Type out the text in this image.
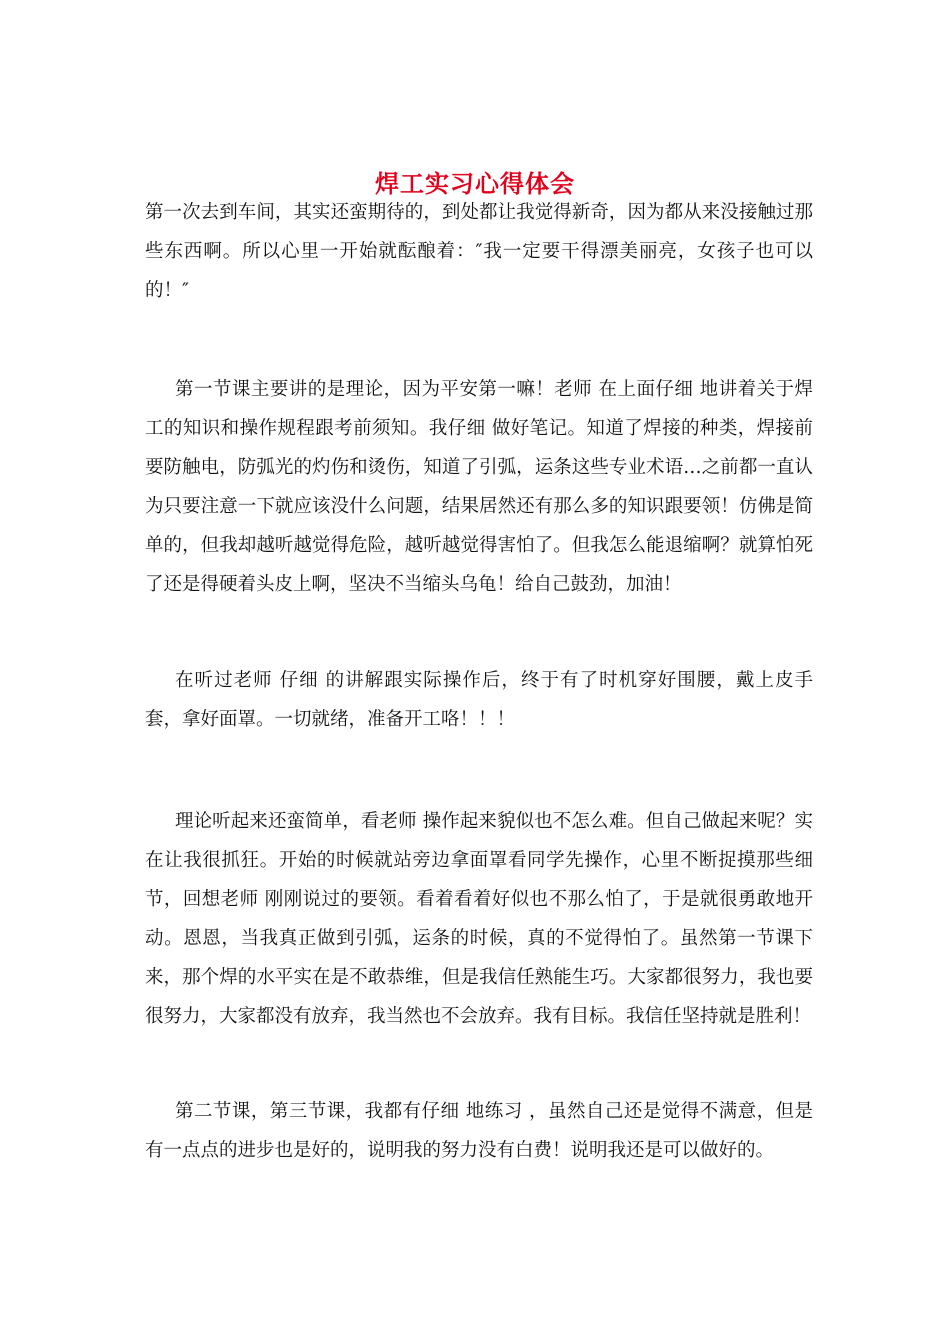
焊工实习心得体会

第一次去到车间，其实还蛮期待的，到处都让我觉得新奇，因为都从来没接触过那些东西啊。所以心里一开始就酝酿着：″我一定要干得漂美丽亮，女孩子也可以的！″

第一节课主要讲的是理论，因为平安第一嘛！老师 在上面仔细 地讲着关于焊工的知识和操作规程跟考前须知。我仔细 做好笔记。知道了焊接的种类，焊接前要防触电，防弧光的灼伤和烫伤，知道了引弧，运条这些专业术语…之前都一直认为只要注意一下就应该没什么问题，结果居然还有那么多的知识跟要领！仿佛是简单的，但我却越听越觉得危险，越听越觉得害怕了。但我怎么能退缩啊？就算怕死了还是得硬着头皮上啊，坚决不当缩头乌龟！给自己鼓劲，加油！

在听过老师 仔细 的讲解跟实际操作后，终于有了时机穿好围腰，戴上皮手套，拿好面罩。一切就绪，准备开工咯！！！

理论听起来还蛮简单，看老师 操作起来貌似也不怎么难。但自己做起来呢？实在让我很抓狂。开始的时候就站旁边拿面罩看同学先操作，心里不断捉摸那些细节，回想老师 刚刚说过的要领。看着看着好似也不那么怕了，于是就很勇敢地开动。恩恩，当我真正做到引弧，运条的时候，真的不觉得怕了。虽然第一节课下来，那个焊的水平实在是不敢恭维，但是我信任熟能生巧。大家都很努力，我也要很努力，大家都没有放弃，我当然也不会放弃。我有目标。我信任坚持就是胜利！

第二节课，第三节课，我都有仔细 地练习 ，虽然自己还是觉得不满意，但是有一点点的进步也是好的，说明我的努力没有白费！说明我还是可以做好的。
